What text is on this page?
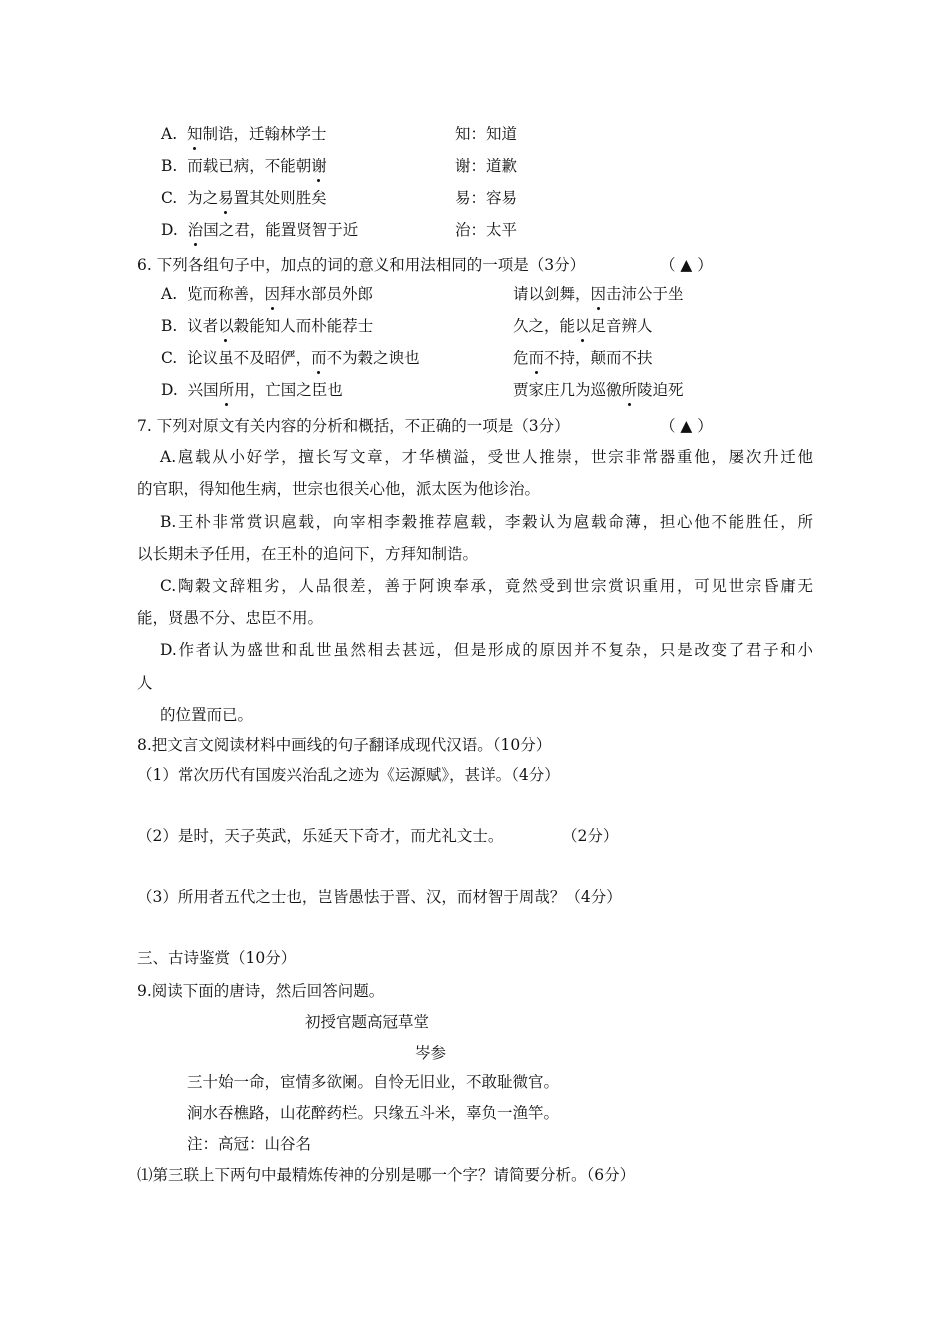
A. 知制诰，迁翰林学士	知：知道
B. 而载已病，不能朝谢	谢：道歉
C. 为之易置其处则胜矣	易：容易
D. 治国之君，能置贤智于近	治：太平
6. 下列各组句子中，加点的词的意义和用法相同的一项是（3分）	（ ▲ ）
A. 览而称善，因拜水部员外郎	请以剑舞，因击沛公于坐
B. 议者以穀能知人而朴能荐士	久之，能以足音辨人
C. 论议虽不及昭俨，而不为穀之谀也	危而不持，颠而不扶
D. 兴国所用，亡国之臣也	贾家庄几为巡徼所陵迫死
7. 下列对原文有关内容的分析和概括，不正确的一项是（3分）	（ ▲ ）
A.扈载从小好学，擅长写文章，才华横溢，受世人推崇，世宗非常器重他，屡次升迁他
的官职，得知他生病，世宗也很关心他，派太医为他诊治。
B.王朴非常赏识扈载，向宰相李穀推荐扈载，李穀认为扈载命薄，担心他不能胜任，所
以长期未予任用，在王朴的追问下，方拜知制诰。
C.陶穀文辞粗劣，人品很差，善于阿谀奉承，竟然受到世宗赏识重用，可见世宗昏庸无
能，贤愚不分、忠臣不用。
D.作者认为盛世和乱世虽然相去甚远，但是形成的原因并不复杂，只是改变了君子和小
人
的位置而已。
8.把文言文阅读材料中画线的句子翻译成现代汉语。（10分）
（1）常次历代有国废兴治乱之迹为《运源赋》，甚详。（4分）
（2）是时，天子英武，乐延天下奇才，而尤礼文士。	（2分）
（3）所用者五代之士也，岂皆愚怯于晋、汉，而材智于周哉？（4分）
三、古诗鉴赏（10分）
9.阅读下面的唐诗，然后回答问题。
初授官题高冠草堂
岑参
三十始一命，宦情多欲阑。自怜无旧业，不敢耻微官。
涧水吞樵路，山花醉药栏。只缘五斗米，辜负一渔竿。
注：高冠：山谷名
⑴第三联上下两句中最精炼传神的分别是哪一个字？请简要分析。（6分）
